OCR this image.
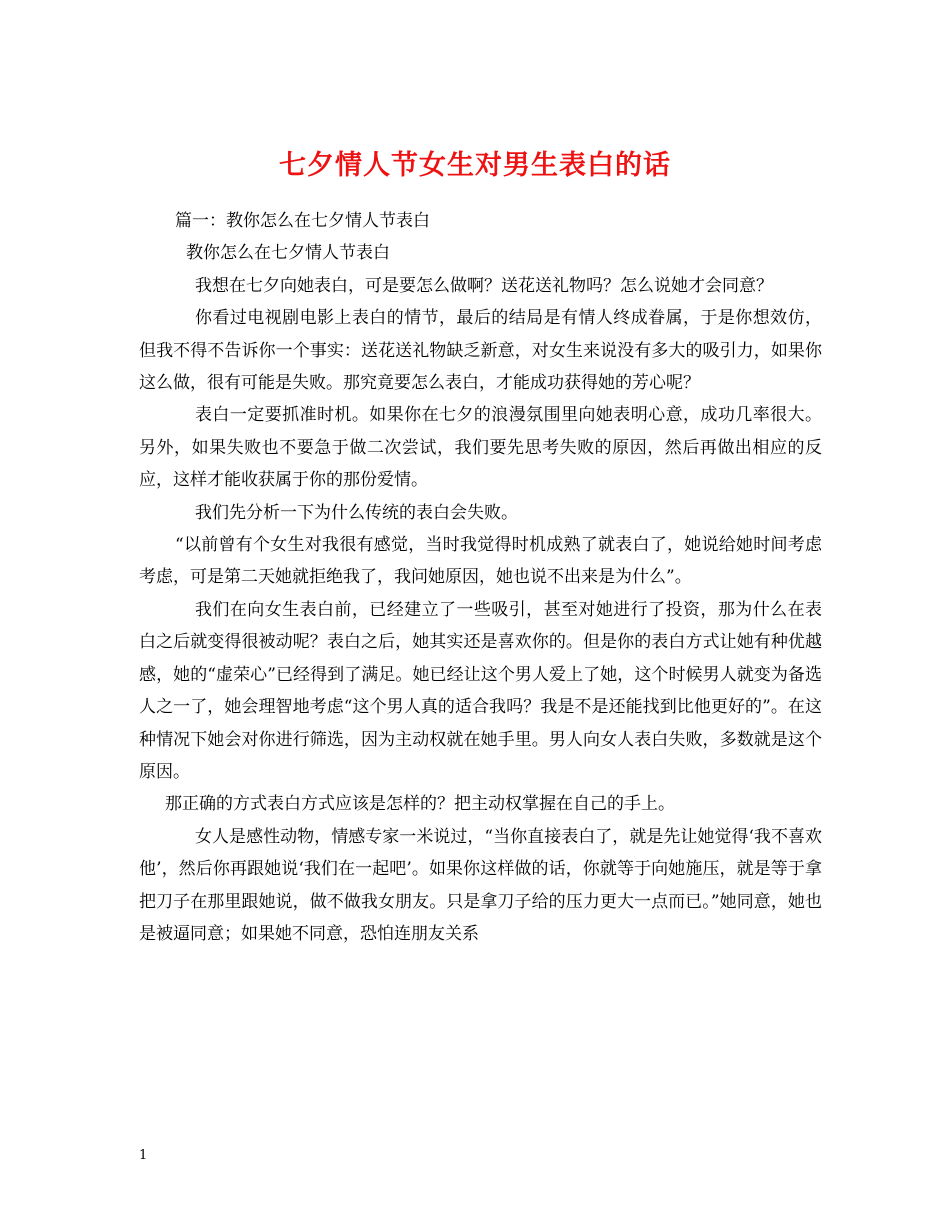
七夕情人节女生对男生表白的话

篇一：教你怎么在七夕情人节表白

教你怎么在七夕情人节表白

我想在七夕向她表白，可是要怎么做啊？送花送礼物吗？怎么说她才会同意？

你看过电视剧电影上表白的情节，最后的结局是有情人终成眷属，于是你想效仿，但我不得不告诉你一个事实：送花送礼物缺乏新意，对女生来说没有多大的吸引力，如果你这么做，很有可能是失败。那究竟要怎么表白，才能成功获得她的芳心呢？

表白一定要抓准时机。如果你在七夕的浪漫氛围里向她表明心意，成功几率很大。另外，如果失败也不要急于做二次尝试，我们要先思考失败的原因，然后再做出相应的反应，这样才能收获属于你的那份爱情。

我们先分析一下为什么传统的表白会失败。

“以前曾有个女生对我很有感觉，当时我觉得时机成熟了就表白了，她说给她时间考虑考虑，可是第二天她就拒绝我了，我问她原因，她也说不出来是为什么”。

我们在向女生表白前，已经建立了一些吸引，甚至对她进行了投资，那为什么在表白之后就变得很被动呢？表白之后，她其实还是喜欢你的。但是你的表白方式让她有种优越感，她的“虚荣心”已经得到了满足。她已经让这个男人爱上了她，这个时候男人就变为备选人之一了，她会理智地考虑“这个男人真的适合我吗？我是不是还能找到比他更好的”。在这种情况下她会对你进行筛选，因为主动权就在她手里。男人向女人表白失败，多数就是这个原因。

那正确的方式表白方式应该是怎样的？把主动权掌握在自己的手上。

女人是感性动物，情感专家一米说过，“当你直接表白了，就是先让她觉得‘我不喜欢他’，然后你再跟她说‘我们在一起吧’。如果你这样做的话，你就等于向她施压，就是等于拿把刀子在那里跟她说，做不做我女朋友。只是拿刀子给的压力更大一点而已。”她同意，她也是被逼同意；如果她不同意，恐怕连朋友关系

1
